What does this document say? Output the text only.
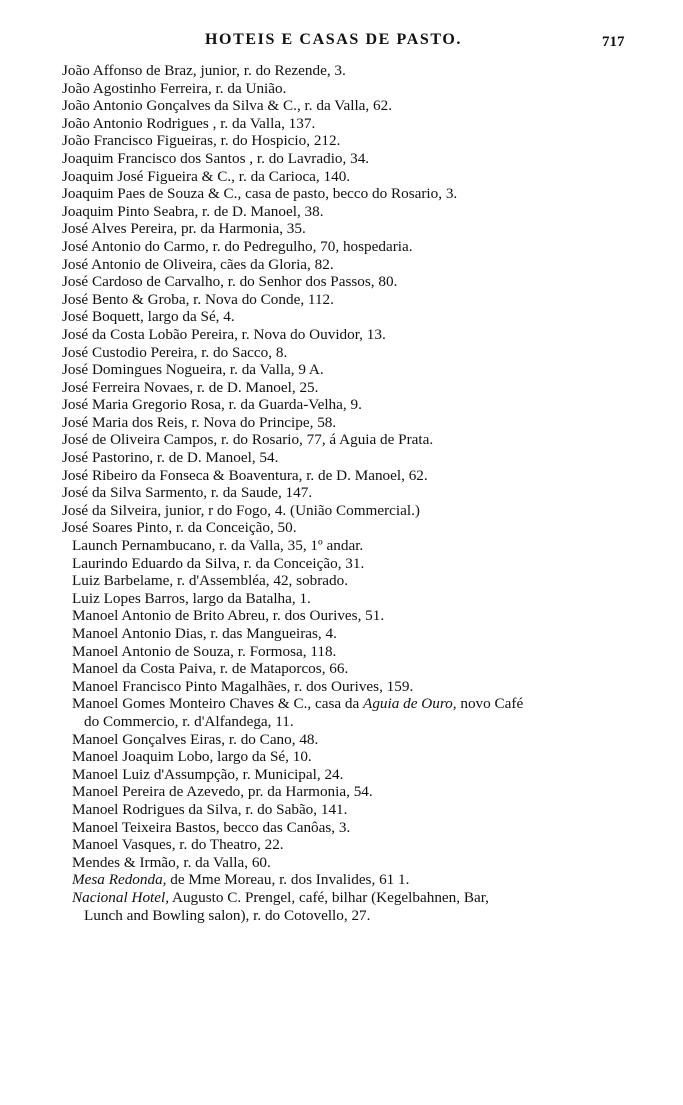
HOTEIS E CASAS DE PASTO.	717

João Affonso de Braz, junior, r. do Rezende, 3.

João Agostinho Ferreira, r. da União.

João Antonio Gonçalves da Silva & C., r. da Valla, 62.

João Antonio Rodrigues , r. da Valla, 137.

João Francisco Figueiras, r. do Hospicio, 212.

Joaquim Francisco dos Santos , r. do Lavradio, 34.

Joaquim José Figueira & C., r. da Carioca, 140.

Joaquim Paes de Souza & C., casa de pasto, becco do Rosario, 3.

Joaquim Pinto Seabra, r. de D. Manoel, 38.

José Alves Pereira, pr. da Harmonia, 35.

José Antonio do Carmo, r. do Pedregulho, 70, hospedaria.

José Antonio de Oliveira, cães da Gloria, 82.

José Cardoso de Carvalho, r. do Senhor dos Passos, 80.

José Bento & Groba, r. Nova do Conde, 112.

José Boquett, largo da Sé, 4.

José da Costa Lobão Pereira, r. Nova do Ouvidor, 13.

José Custodio Pereira, r. do Sacco, 8.

José Domingues Nogueira, r. da Valla, 9 A.

José Ferreira Novaes, r. de D. Manoel, 25.

José Maria Gregorio Rosa, r. da Guarda-Velha, 9.

José Maria dos Reis, r. Nova do Principe, 58.

José de Oliveira Campos, r. do Rosario, 77, á Aguia de Prata.

José Pastorino, r. de D. Manoel, 54.

José Ribeiro da Fonseca & Boaventura, r. de D. Manoel, 62.

José da Silva Sarmento, r. da Saude, 147.

José da Silveira, junior, r do Fogo, 4. (União Commercial.)

José Soares Pinto, r. da Conceição, 50.

Launch Pernambucano, r. da Valla, 35, 1º andar.

Laurindo Eduardo da Silva, r. da Conceição, 31.

Luiz Barbelame, r. d'Assembléa, 42, sobrado.

Luiz Lopes Barros, largo da Batalha, 1.

Manoel Antonio de Brito Abreu, r. dos Ourives, 51.

Manoel Antonio Dias, r. das Mangueiras, 4.

Manoel Antonio de Souza, r. Formosa, 118.

Manoel da Costa Paiva, r. de Mataporcos, 66.

Manoel Francisco Pinto Magalhães, r. dos Ourives, 159.

Manoel Gomes Monteiro Chaves & C., casa da Aguia de Ouro, novo Café

do Commercio, r. d'Alfandega, 11.

Manoel Gonçalves Eiras, r. do Cano, 48.

Manoel Joaquim Lobo, largo da Sé, 10.

Manoel Luiz d'Assumpção, r. Municipal, 24.

Manoel Pereira de Azevedo, pr. da Harmonia, 54.

Manoel Rodrigues da Silva, r. do Sabão, 141.

Manoel Teixeira Bastos, becco das Canôas, 3.

Manoel Vasques, r. do Theatro, 22.

Mendes & Irmão, r. da Valla, 60.

Mesa Redonda, de Mme Moreau, r. dos Invalides, 61 1.

Nacional Hotel, Augusto C. Prengel, café, bilhar (Kegelbahnen, Bar,

Lunch and Bowling salon), r. do Cotovello, 27.
